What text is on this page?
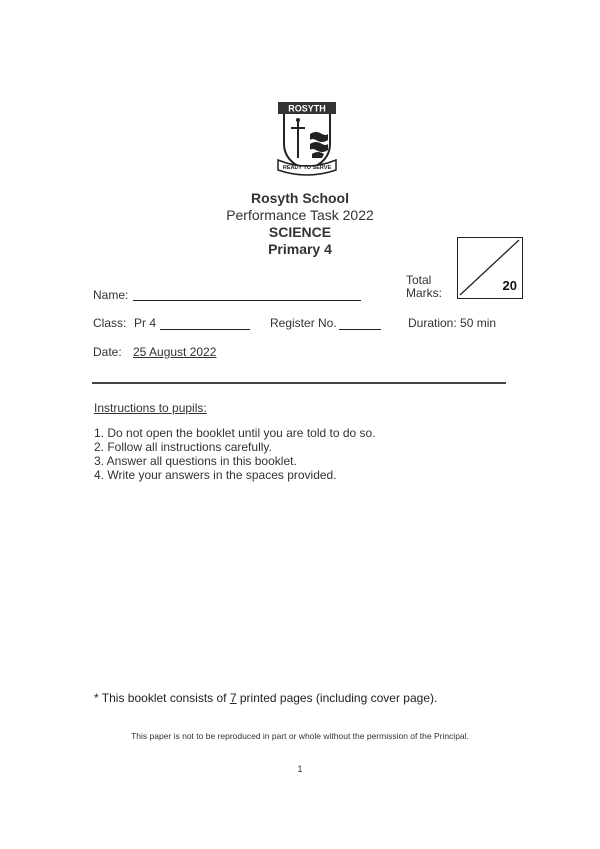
ROSYTH
READY TO SERVE
Rosyth School
Performance Task 2022
SCIENCE
Primary 4
Total
Marks:	20
Name:
Class: Pr 4	Register No.	Duration: 50 min
Date: 25 August 2022
Instructions to pupils:
1. Do not open the booklet until you are told to do so.
2. Follow all instructions carefully.
3. Answer all questions in this booklet.
4. Write your answers in the spaces provided.
* This booklet consists of 7 printed pages (including cover page).
This paper is not to be reproduced in part or whole without the permission of the Principal.
1
